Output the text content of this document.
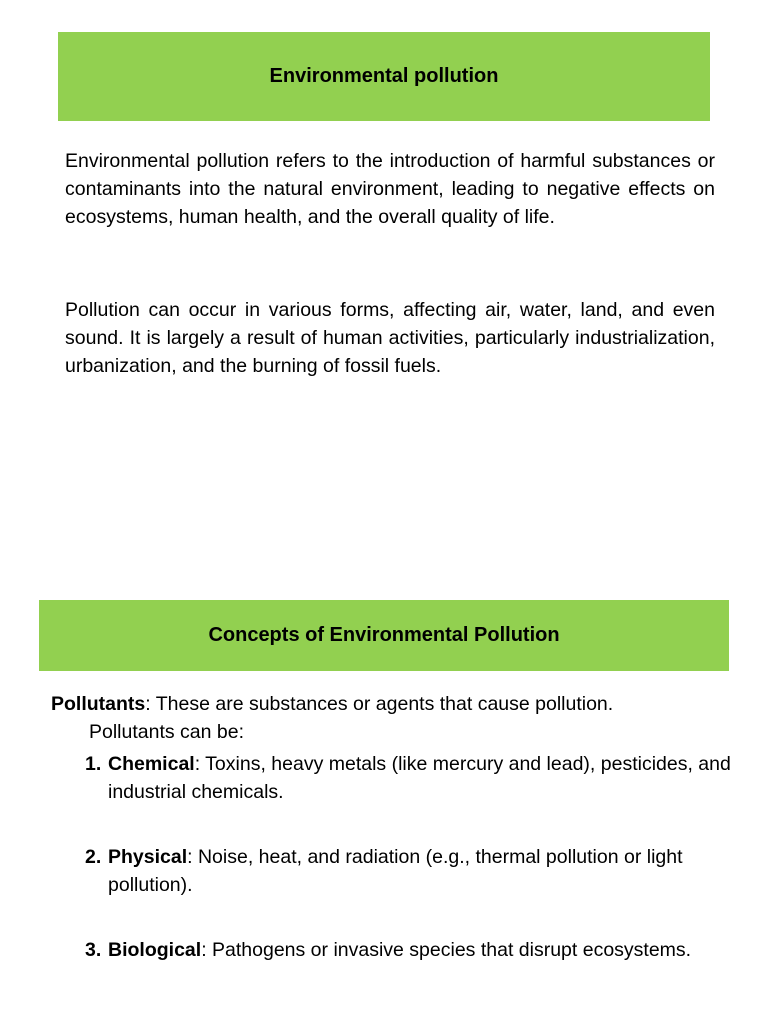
Environmental pollution

Environmental pollution refers to the introduction of harmful substances or contaminants into the natural environment, leading to negative effects on ecosystems, human health, and the overall quality of life.

Pollution can occur in various forms, affecting air, water, land, and even sound. It is largely a result of human activities, particularly industrialization, urbanization, and the burning of fossil fuels.

Concepts of Environmental Pollution

Pollutants: These are substances or agents that cause pollution.

Pollutants can be:

1. Chemical: Toxins, heavy metals (like mercury and lead), pesticides, and industrial chemicals.
2. Physical: Noise, heat, and radiation (e.g., thermal pollution or light pollution).
3. Biological: Pathogens or invasive species that disrupt ecosystems.
